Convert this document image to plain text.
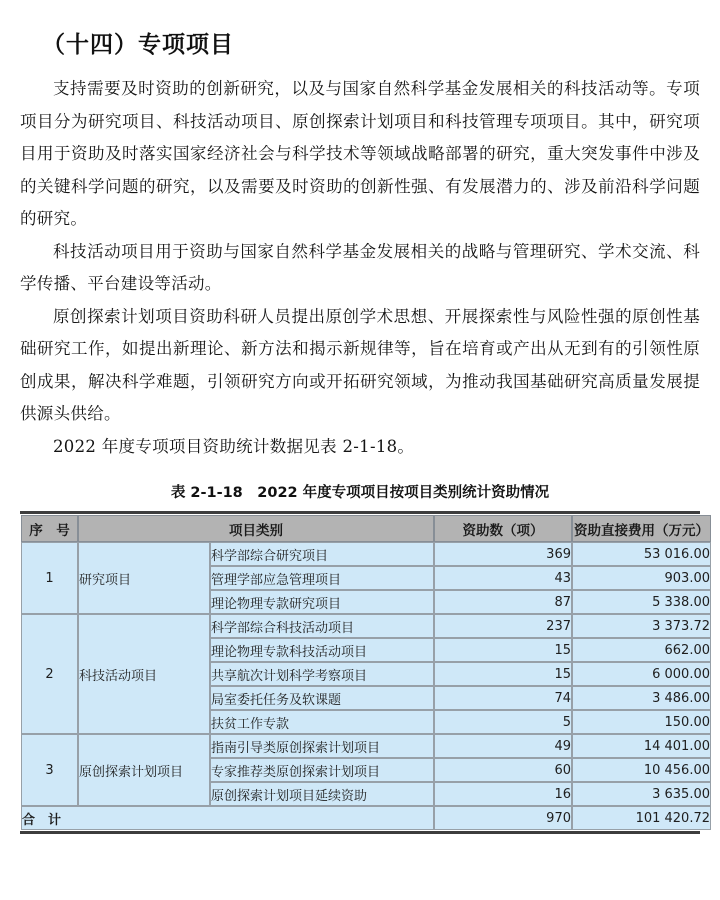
（十四）专项项目

支持需要及时资助的创新研究，以及与国家自然科学基金发展相关的科技活动等。专项项目分为研究项目、科技活动项目、原创探索计划项目和科技管理专项项目。其中，研究项目用于资助及时落实国家经济社会与科学技术等领域战略部署的研究，重大突发事件中涉及的关键科学问题的研究，以及需要及时资助的创新性强、有发展潜力的、涉及前沿科学问题的研究。

科技活动项目用于资助与国家自然科学基金发展相关的战略与管理研究、学术交流、科学传播、平台建设等活动。

原创探索计划项目资助科研人员提出原创学术思想、开展探索性与风险性强的原创性基础研究工作，如提出新理论、新方法和揭示新规律等，旨在培育或产出从无到有的引领性原创成果，解决科学难题，引领研究方向或开拓研究领域，为推动我国基础研究高质量发展提供源头供给。

2022 年度专项项目资助统计数据见表 2-1-18。

表 2-1-18　2022 年度专项项目按项目类别统计资助情况
序　号	项目类别		资助数（项）	资助直接费用（万元）
1	研究项目	科学部综合研究项目	369	53 016.00
		管理学部应急管理项目	43	903.00
		理论物理专款研究项目	87	5 338.00
2	科技活动项目	科学部综合科技活动项目	237	3 373.72
		理论物理专款科技活动项目	15	662.00
		共享航次计划科学考察项目	15	6 000.00
		局室委托任务及软课题	74	3 486.00
		扶贫工作专款	5	150.00
3	原创探索计划项目	指南引导类原创探索计划项目	49	14 401.00
		专家推荐类原创探索计划项目	60	10 456.00
		原创探索计划项目延续资助	16	3 635.00
合　计			970	101 420.72
